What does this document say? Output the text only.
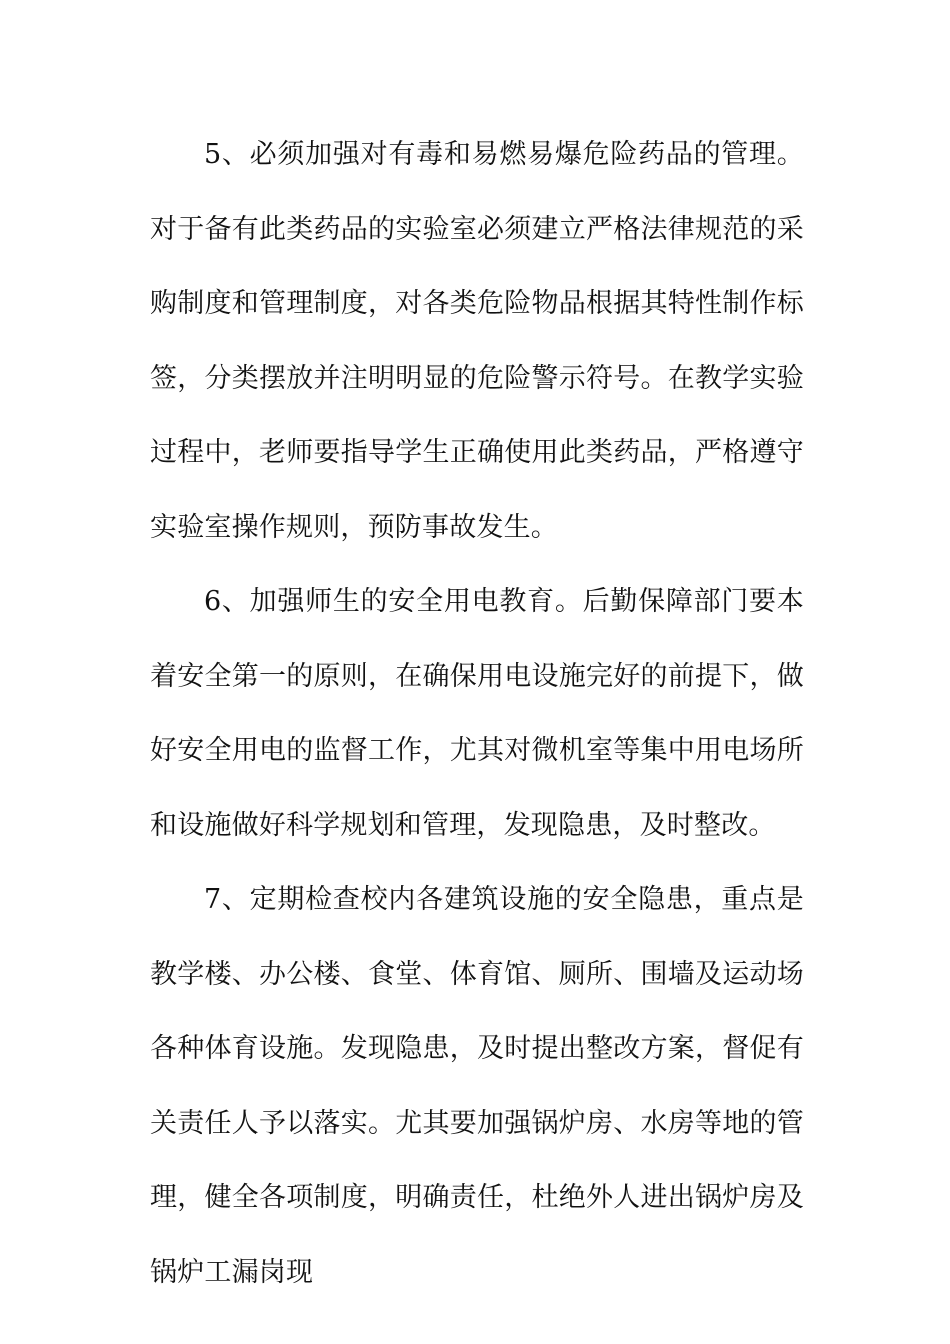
5、必须加强对有毒和易燃易爆危险药品的管理。对于备有此类药品的实验室必须建立严格法律规范的采购制度和管理制度，对各类危险物品根据其特性制作标签，分类摆放并注明明显的危险警示符号。在教学实验过程中，老师要指导学生正确使用此类药品，严格遵守实验室操作规则，预防事故发生。

6、加强师生的安全用电教育。后勤保障部门要本着安全第一的原则，在确保用电设施完好的前提下，做好安全用电的监督工作，尤其对微机室等集中用电场所和设施做好科学规划和管理，发现隐患，及时整改。

7、定期检查校内各建筑设施的安全隐患，重点是教学楼、办公楼、食堂、体育馆、厕所、围墙及运动场各种体育设施。发现隐患，及时提出整改方案，督促有关责任人予以落实。尤其要加强锅炉房、水房等地的管理，健全各项制度，明确责任，杜绝外人进出锅炉房及锅炉工漏岗现
